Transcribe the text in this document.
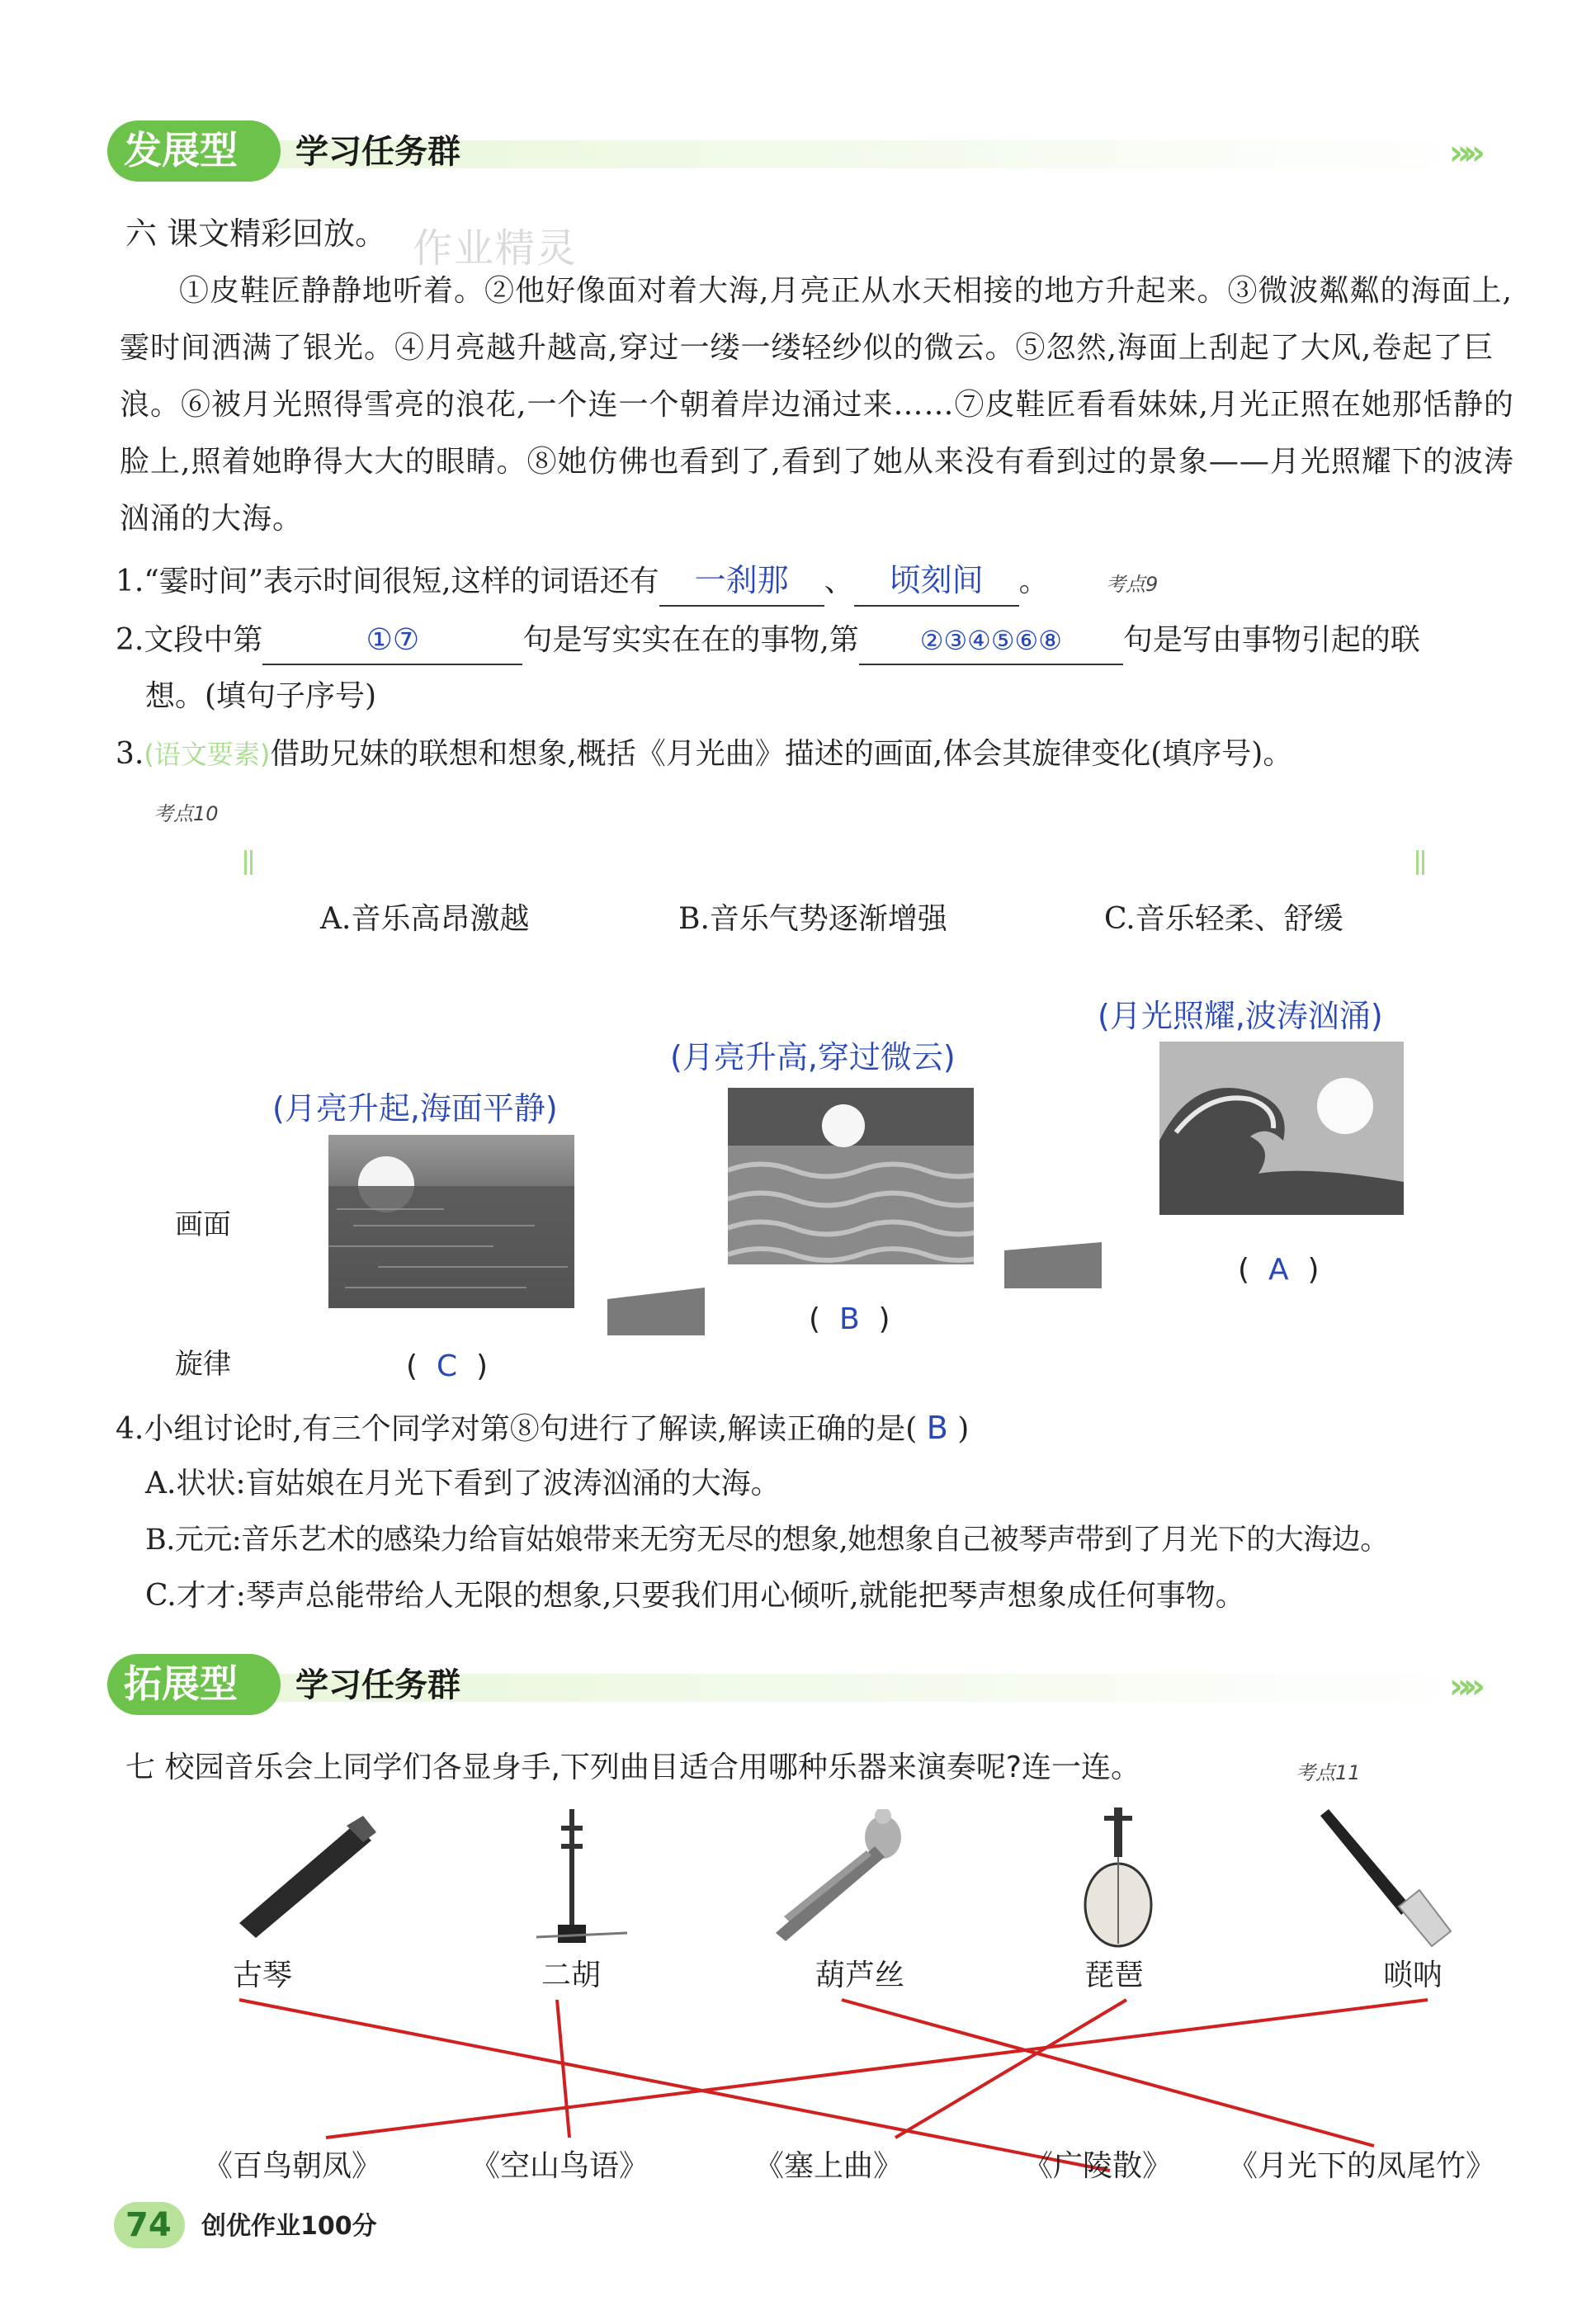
发展型 学习任务群	»»
六 课文精彩回放。 作业精灵
①皮鞋匠静静地听着。②他好像面对着大海,月亮正从水天相接的地方升起来。③微波粼粼的海面上,霎时间洒满了银光。④月亮越升越高,穿过一缕一缕轻纱似的微云。⑤忽然,海面上刮起了大风,卷起了巨浪。⑥被月光照得雪亮的浪花,一个连一个朝着岸边涌过来……⑦皮鞋匠看看妹妹,月光正照在她那恬静的脸上,照着她睁得大大的眼睛。⑧她仿佛也看到了,看到了她从来没有看到过的景象——月光照耀下的波涛汹涌的大海。
1.“霎时间”表示时间很短,这样的词语还有 一刹那 、 顷刻间 。	考点9
2.文段中第	①⑦	句是写实实在在的事物,第 ②③④⑤⑥⑧ 句是写由事物引起的联
想。(填句子序号)
3.(语文要素)借助兄妹的联想和想象,概括《月光曲》描述的画面,体会其旋律变化(填序号)。
考点10
A.音乐高昂激越	B.音乐气势逐渐增强	C.音乐轻柔、舒缓
画面
旋律
(月亮升起,海面平静)
(月亮升高,穿过微云)
(月光照耀,波涛汹涌)
( C )
( B )
( A )
4.小组讨论时,有三个同学对第⑧句进行了解读,解读正确的是( B )
A.状状:盲姑娘在月光下看到了波涛汹涌的大海。
B.元元:音乐艺术的感染力给盲姑娘带来无穷无尽的想象,她想象自己被琴声带到了月光下的大海边。
C.才才:琴声总能带给人无限的想象,只要我们用心倾听,就能把琴声想象成任何事物。
拓展型 学习任务群	»»
七 校园音乐会上同学们各显身手,下列曲目适合用哪种乐器来演奏呢?连一连。	考点11
古琴	二胡	葫芦丝	琵琶	唢呐
《百鸟朝凤》	《空山鸟语》	《塞上曲》	《广陵散》 《月光下的凤尾竹》
74 创优作业100分
